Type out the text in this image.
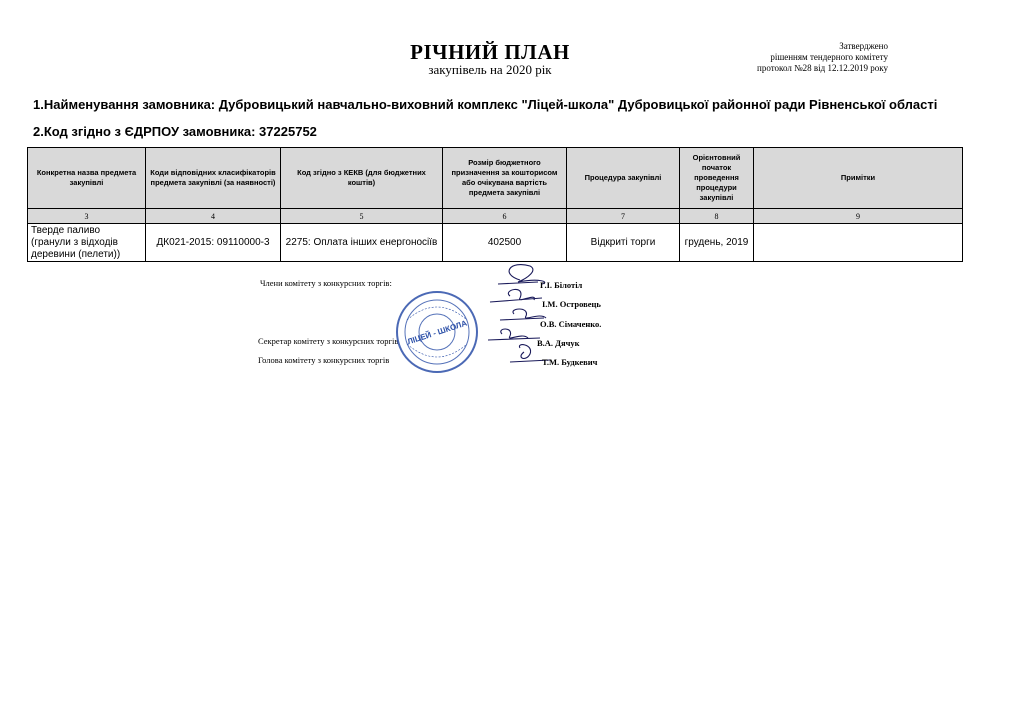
РІЧНИЙ ПЛАН
закупівель на 2020 рік
Затверджено
рішенням тендерного комітету
протокол №28 від 12.12.2019 року
1.Найменування замовника: Дубровицький навчально-виховний комплекс "Ліцей-школа" Дубровицької районної ради Рівненської області
2.Код згідно з ЄДРПОУ замовника: 37225752
Конкретна назва предмета закупівлі	Коди відповідних класифікаторів предмета закупівлі (за наявності)	Код згідно з КЕКВ (для бюджетних коштів)	Розмір бюджетного призначення за кошторисом або очікувана вартість предмета закупівлі	Процедура закупівлі	Орієнтовний початок проведення процедури закупівлі	Примітки
3	4	5	6	7	8	9
Тверде паливо (гранули з відходів деревини (пелети))	ДК021-2015: 09110000-3	2275: Оплата інших енергоносіїв	402500	Відкриті торги	грудень, 2019	
Члени комітету з конкурсних торгів:
Секретар комітету з конкурсних торгів
Голова комітету з конкурсних торгів
ЛІЦЕЙ - ШКОЛА
Г.І. Білотіл
І.М. Островець
О.В. Сімаченко.
В.А. Дячук
Т.М. Будкевич
